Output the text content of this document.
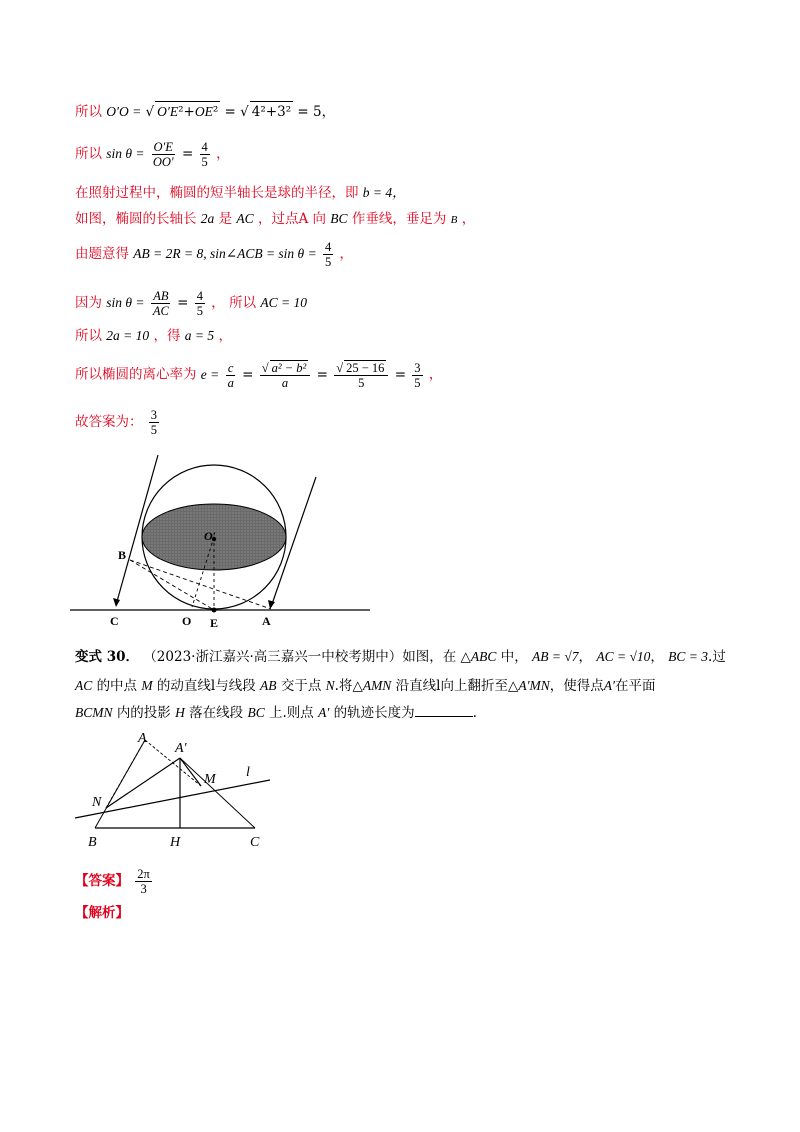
所以 O′O = √ O′E²+OE² = √ 4²+3² = 5，
所以 $\sin \theta = \frac{O'E}{OO'} = \frac{4}{5}$ ，
在照射过程中，椭圆的短半轴长是球的半径，即 b = 4，
如图，椭圆的长轴长 2a 是 AC ，过点A 向 BC 作垂线，垂足为 B ，
由题意得 AB = 2R = 8, sin∠ACB = $\sin \theta = \frac{4}{5}$ ，
因为 $\sin \theta = \frac{AB}{AC} = \frac{4}{5}$ ， 所以 AC = 10
所以 2a = 10 ，得 a = 5 ，
所以椭圆的离心率为 $e = \frac{c}{a} = \frac{\text{√ a² − b²}}{a} = \frac{√ 25 - 16}{5} = \frac{3}{5}$ ，
故答案为： $\frac{3}{5}$
O′
B
C	O E	A
变式 30． （2023·浙江嘉兴·高三嘉兴一中校考期中）如图，在 △ABC 中， AB = √7， AC = √10， BC = 3.过
AC 的中点 M 的动直线l与线段 AB 交于点 N.将△AMN 沿直线l向上翻折至△A′MN，使得点A′在平面
BCMN 内的投影 H 落在线段 BC 上.则点 A′ 的轨迹长度为	.
A
A′
M l
N
B	H	C
【答案】 $\frac{2\pi}{3}$
【解析】
